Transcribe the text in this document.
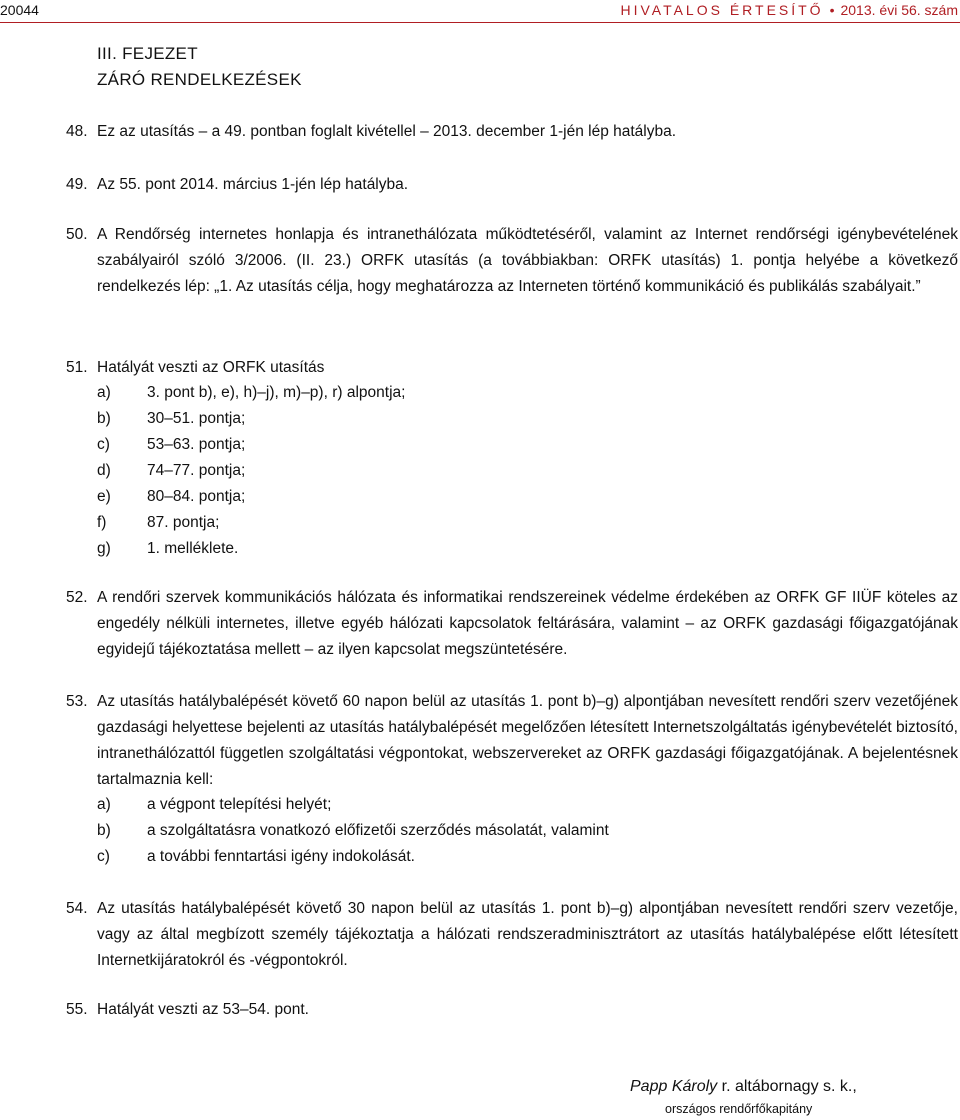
20044	HIVATALOS ÉRTESÍTŐ • 2013. évi 56. szám
III. FEJEZET
ZÁRÓ RENDELKEZÉSEK
48. Ez az utasítás – a 49. pontban foglalt kivétellel – 2013. december 1-jén lép hatályba.
49. Az 55. pont 2014. március 1-jén lép hatályba.
50. A Rendőrség internetes honlapja és intranethálózata működtetéséről, valamint az Internet rendőrségi igénybevételének szabályairól szóló 3/2006. (II. 23.) ORFK utasítás (a továbbiakban: ORFK utasítás) 1. pontja helyébe a következő rendelkezés lép: „1. Az utasítás célja, hogy meghatározza az Interneten történő kommunikáció és publikálás szabályait.”
51. Hatályát veszti az ORFK utasítás
a) 3. pont b), e), h)–j), m)–p), r) alpontja;
b) 30–51. pontja;
c) 53–63. pontja;
d) 74–77. pontja;
e) 80–84. pontja;
f)	87. pontja;
g) 1. melléklete.
52. A rendőri szervek kommunikációs hálózata és informatikai rendszereinek védelme érdekében az ORFK GF IIÜF köteles az engedély nélküli internetes, illetve egyéb hálózati kapcsolatok feltárására, valamint – az ORFK gazdasági főigazgatójának egyidejű tájékoztatása mellett – az ilyen kapcsolat megszüntetésére.
53. Az utasítás hatálybalépését követő 60 napon belül az utasítás 1. pont b)–g) alpontjában nevesített rendőri szerv vezetőjének gazdasági helyettese bejelenti az utasítás hatálybalépését megelőzően létesített Internetszolgáltatás igénybevételét biztosító, intranethálózattól független szolgáltatási végpontokat, webszervereket az ORFK gazdasági főigazgatójának. A bejelentésnek tartalmaznia kell:
a) a végpont telepítési helyét;
b) a szolgáltatásra vonatkozó előfizetői szerződés másolatát, valamint
c) a további fenntartási igény indokolását.
54. Az utasítás hatálybalépését követő 30 napon belül az utasítás 1. pont b)–g) alpontjában nevesített rendőri szerv vezetője, vagy az által megbízott személy tájékoztatja a hálózati rendszeradminisztrátort az utasítás hatálybalépése előtt létesített Internetkijáratokról és -végpontokról.
55. Hatályát veszti az 53–54. pont.
Papp Károly r. altábornagy s. k.,
országos rendőrfőkapitány
